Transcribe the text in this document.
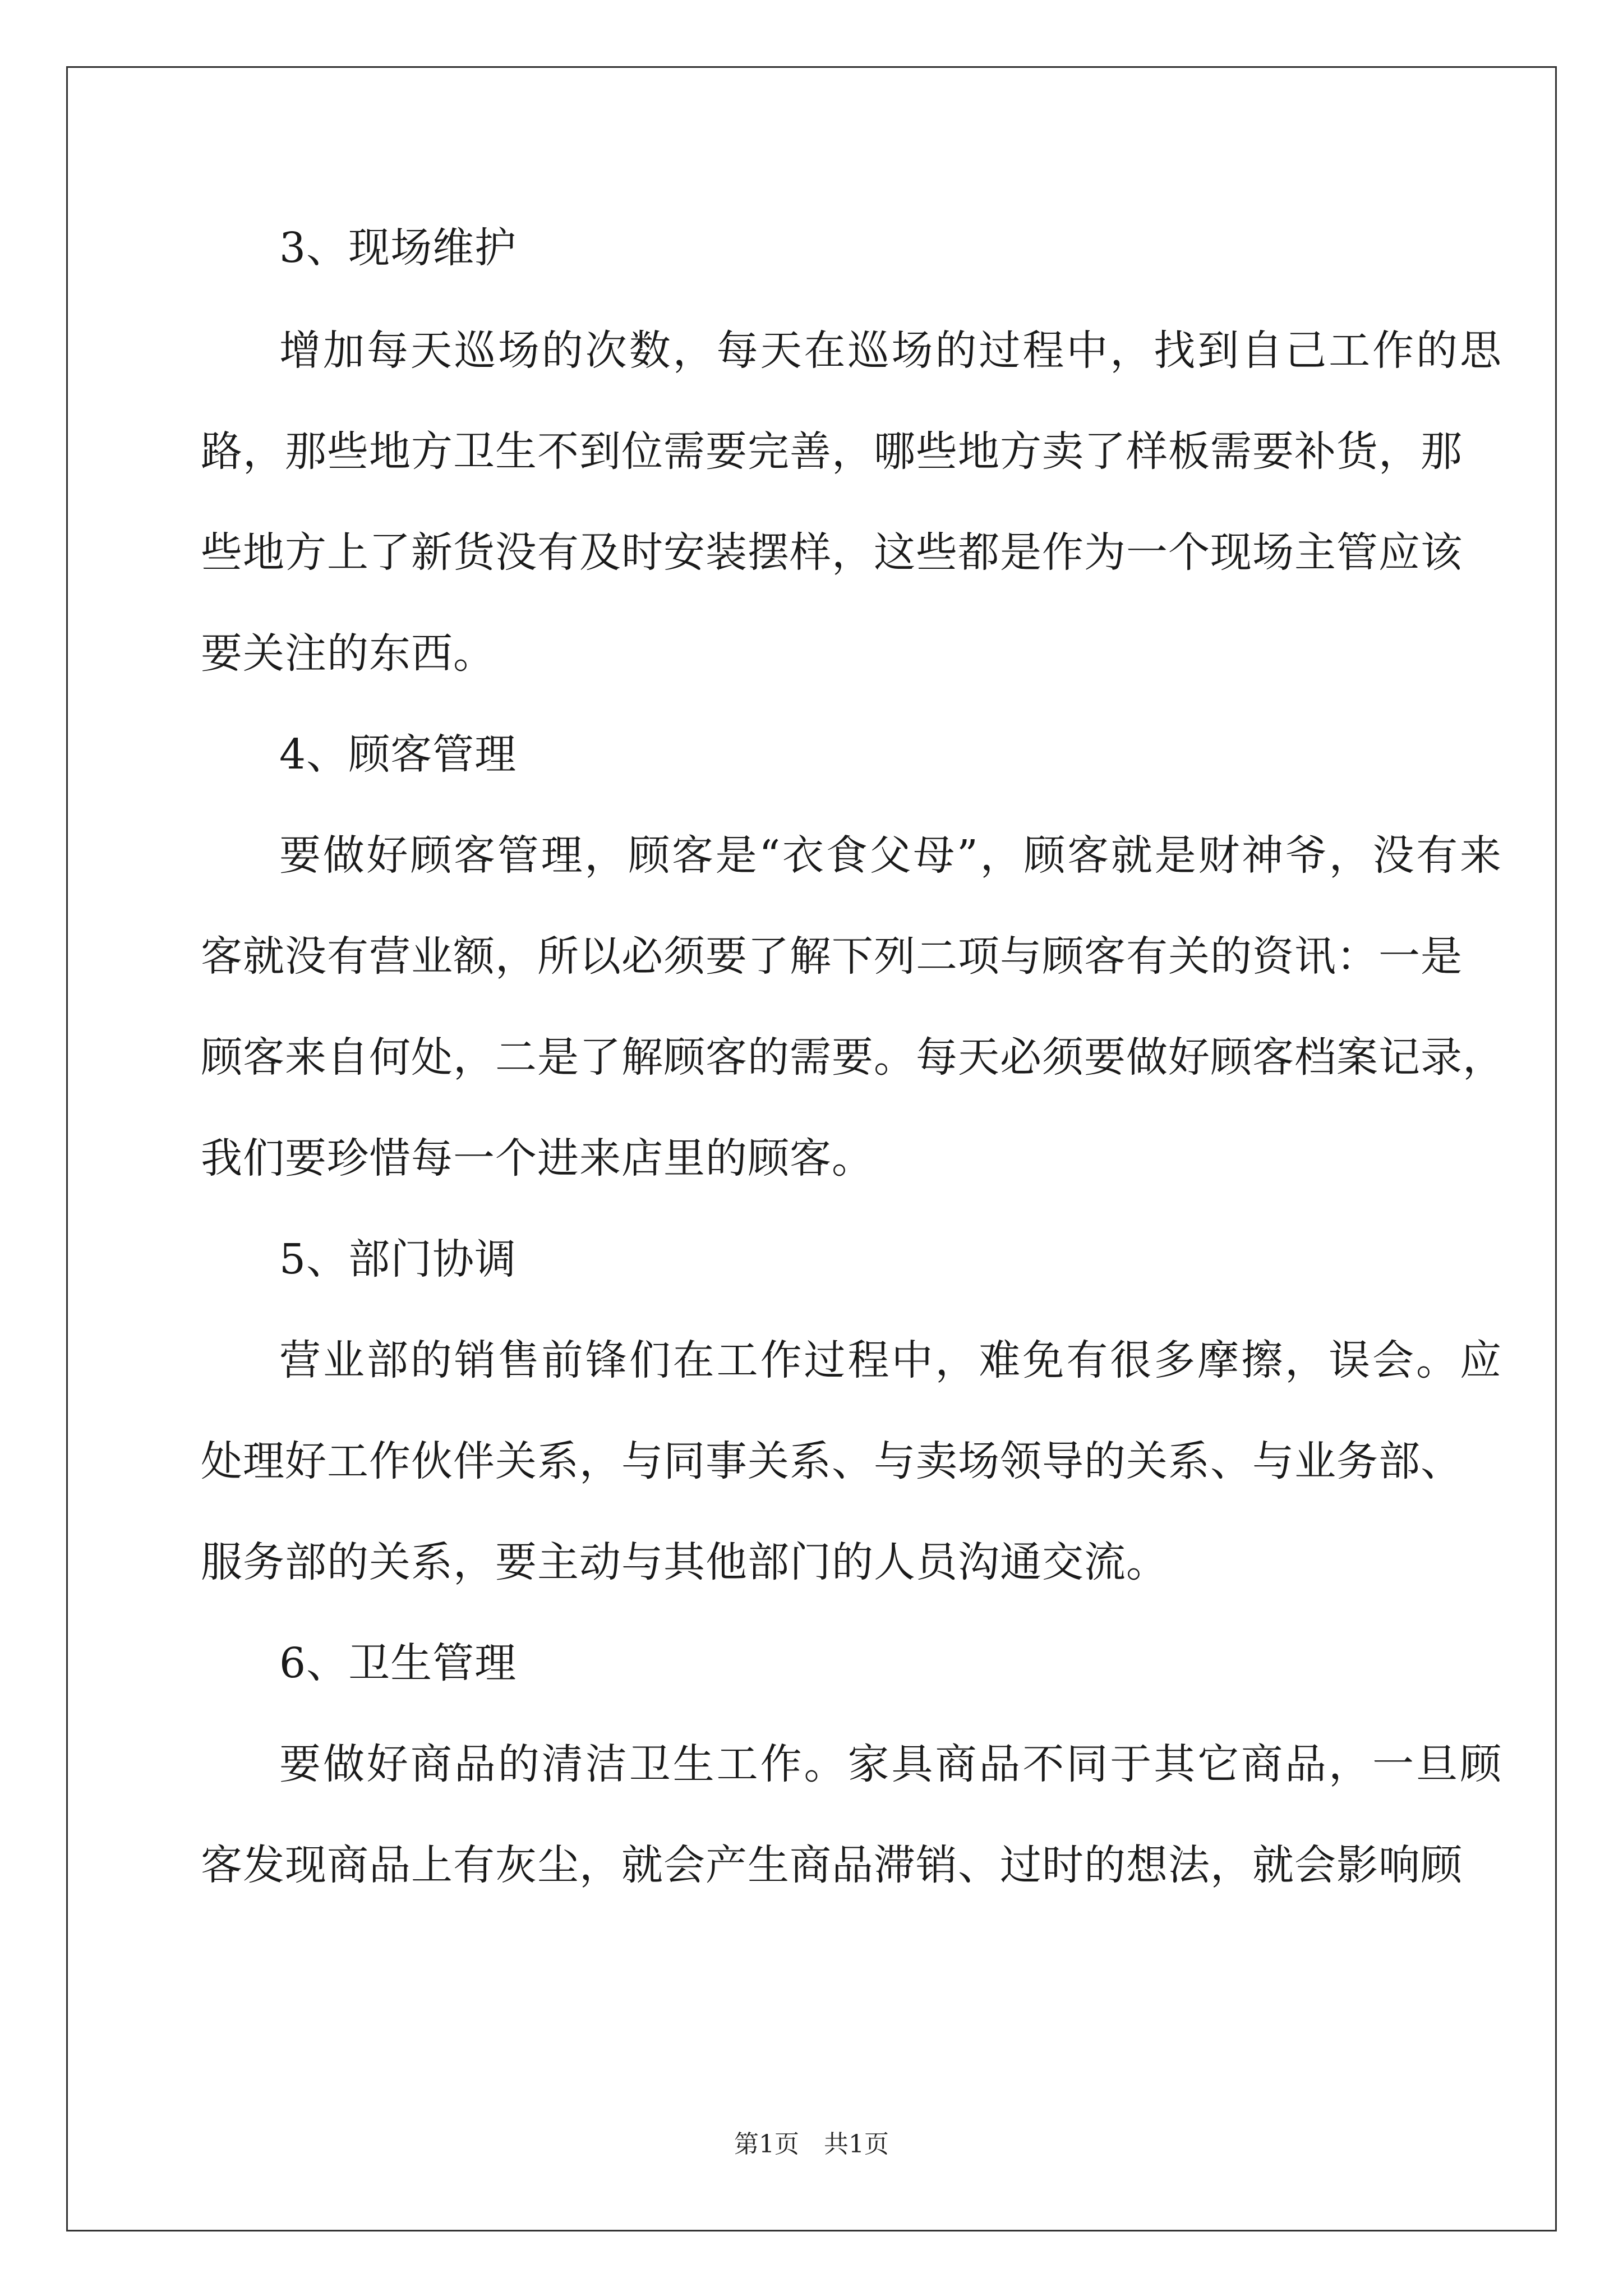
3、现场维护
增加每天巡场的次数，每天在巡场的过程中，找到自己工作的思
路，那些地方卫生不到位需要完善，哪些地方卖了样板需要补货，那
些地方上了新货没有及时安装摆样，这些都是作为一个现场主管应该
要关注的东西。
4、顾客管理
要做好顾客管理，顾客是“衣食父母”，顾客就是财神爷，没有来
客就没有营业额，所以必须要了解下列二项与顾客有关的资讯：一是
顾客来自何处，二是了解顾客的需要。每天必须要做好顾客档案记录，
我们要珍惜每一个进来店里的顾客。
5、部门协调
营业部的销售前锋们在工作过程中，难免有很多摩擦，误会。应
处理好工作伙伴关系，与同事关系、与卖场领导的关系、与业务部、
服务部的关系，要主动与其他部门的人员沟通交流。
6、卫生管理
要做好商品的清洁卫生工作。家具商品不同于其它商品，一旦顾
客发现商品上有灰尘，就会产生商品滞销、过时的想法，就会影响顾
第1页　共1页
